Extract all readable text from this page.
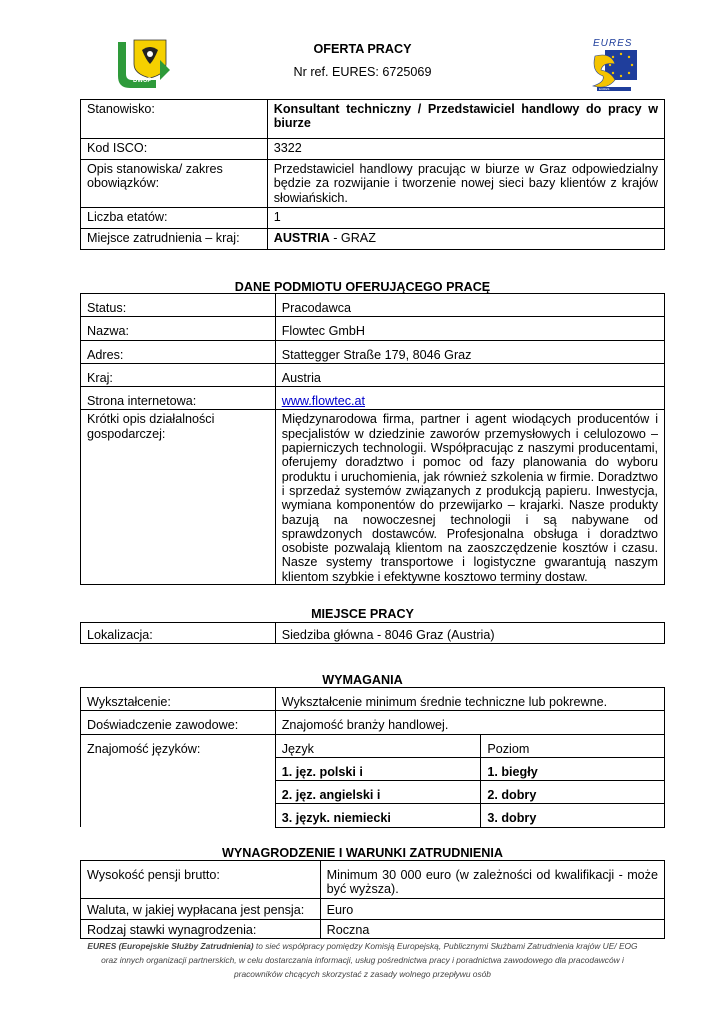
DWUP
OFERTA PRACY
Nr ref. EURES: 6725069
EURES
EURES
Stanowisko:	Konsultant techniczny / Przedstawiciel handlowy do pracy w biurze
Kod ISCO:	3322
Opis stanowiska/ zakres obowiązków:	Przedstawiciel handlowy pracując w biurze w Graz odpowiedzialny będzie za rozwijanie i tworzenie nowej sieci bazy klientów z krajów słowiańskich.
Liczba etatów:	1
Miejsce zatrudnienia – kraj:	AUSTRIA - GRAZ
DANE PODMIOTU OFERUJĄCEGO PRACĘ
Status:	Pracodawca
Nazwa:	Flowtec GmbH
Adres:	Stattegger Straße 179, 8046 Graz
Kraj:	Austria
Strona internetowa:	www.flowtec.at
Krótki opis działalności gospodarczej:	Międzynarodowa firma, partner i agent wiodących producentów i specjalistów w dziedzinie zaworów przemysłowych i celulozowo – papierniczych technologii. Współpracując z naszymi producentami, oferujemy doradztwo i pomoc od fazy planowania do wyboru produktu i uruchomienia, jak również szkolenia w firmie. Doradztwo i sprzedaż systemów związanych z produkcją papieru. Inwestycja, wymiana komponentów do przewijarko – krajarki. Nasze produkty bazują na nowoczesnej technologii i są nabywane od sprawdzonych dostawców. Profesjonalna obsługa i doradztwo osobiste pozwalają klientom na zaoszczędzenie kosztów i czasu. Nasze systemy transportowe i logistyczne gwarantują naszym klientom szybkie i efektywne kosztowo terminy dostaw.
MIEJSCE PRACY
Lokalizacja:	Siedziba główna - 8046 Graz (Austria)
WYMAGANIA
Wykształcenie:	Wykształcenie minimum średnie techniczne lub pokrewne.	
Doświadczenie zawodowe:	Znajomość branży handlowej.	
Znajomość języków:	Język	Poziom
	1. jęz. polski i	1. biegły
	2. jęz. angielski i	2. dobry
	3. język. niemiecki	3. dobry
WYNAGRODZENIE I WARUNKI ZATRUDNIENIA
Wysokość pensji brutto:	Minimum 30 000 euro (w zależności od kwalifikacji - może być wyższa).
Waluta, w jakiej wypłacana jest pensja:	Euro
Rodzaj stawki wynagrodzenia:	Roczna
EURES (Europejskie Służby Zatrudnienia) to sieć współpracy pomiędzy Komisją Europejską, Publicznymi Służbami Zatrudnienia krajów UE/ EOG
oraz innych organizacji partnerskich, w celu dostarczania informacji, usług pośrednictwa pracy i poradnictwa zawodowego dla pracodawców i
pracowników chcących skorzystać z zasady wolnego przepływu osób
